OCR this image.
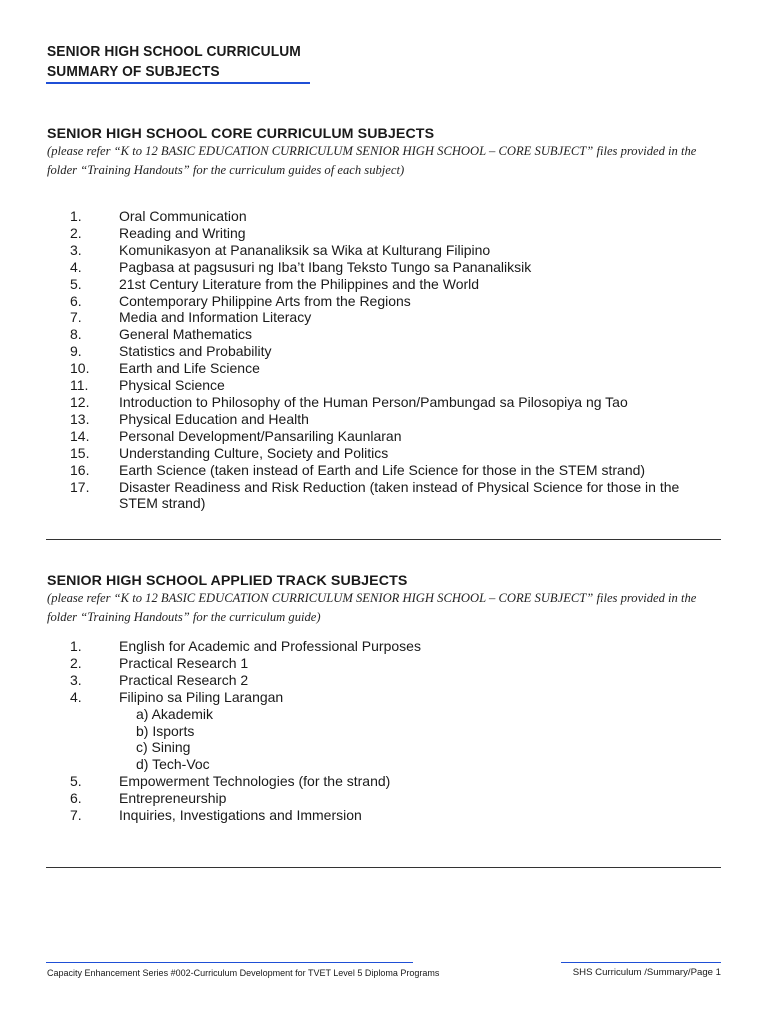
SENIOR HIGH SCHOOL CURRICULUM
SUMMARY OF SUBJECTS
SENIOR HIGH SCHOOL CORE CURRICULUM SUBJECTS
(please refer “K to 12 BASIC EDUCATION CURRICULUM SENIOR HIGH SCHOOL – CORE SUBJECT” files provided in the folder “Training Handouts” for the curriculum guides of each subject)
1.	Oral Communication
2.	Reading and Writing
3.	Komunikasyon at Pananaliksik sa Wika at Kulturang Filipino
4.	Pagbasa at pagsusuri ng Iba’t Ibang Teksto Tungo sa Pananaliksik
5.	21st Century Literature from the Philippines and the World
6.	Contemporary Philippine Arts from the Regions
7.	Media and Information Literacy
8.	General Mathematics
9.	Statistics and Probability
10.	Earth and Life Science
11.	Physical Science
12.	Introduction to Philosophy of the Human Person/Pambungad sa Pilosopiya ng Tao
13.	Physical Education and Health
14.	Personal Development/Pansariling Kaunlaran
15.	Understanding Culture, Society and Politics
16.	Earth Science (taken instead of Earth and Life Science for those in the STEM strand)
17.	Disaster Readiness and Risk Reduction (taken instead of Physical Science for those in the STEM strand)
SENIOR HIGH SCHOOL APPLIED TRACK SUBJECTS
(please refer “K to 12 BASIC EDUCATION CURRICULUM SENIOR HIGH SCHOOL – CORE SUBJECT” files provided in the folder “Training Handouts” for the curriculum guide)
1.	English for Academic and Professional Purposes
2.	Practical Research 1
3.	Practical Research 2
4.	Filipino sa Piling Larangan
a) Akademik
b) Isports
c) Sining
d) Tech-Voc
5.	Empowerment Technologies (for the strand)
6.	Entrepreneurship
7.	Inquiries, Investigations and Immersion
Capacity Enhancement Series #002-Curriculum Development for TVET Level 5 Diploma Programs	SHS Curriculum /Summary/Page 1
